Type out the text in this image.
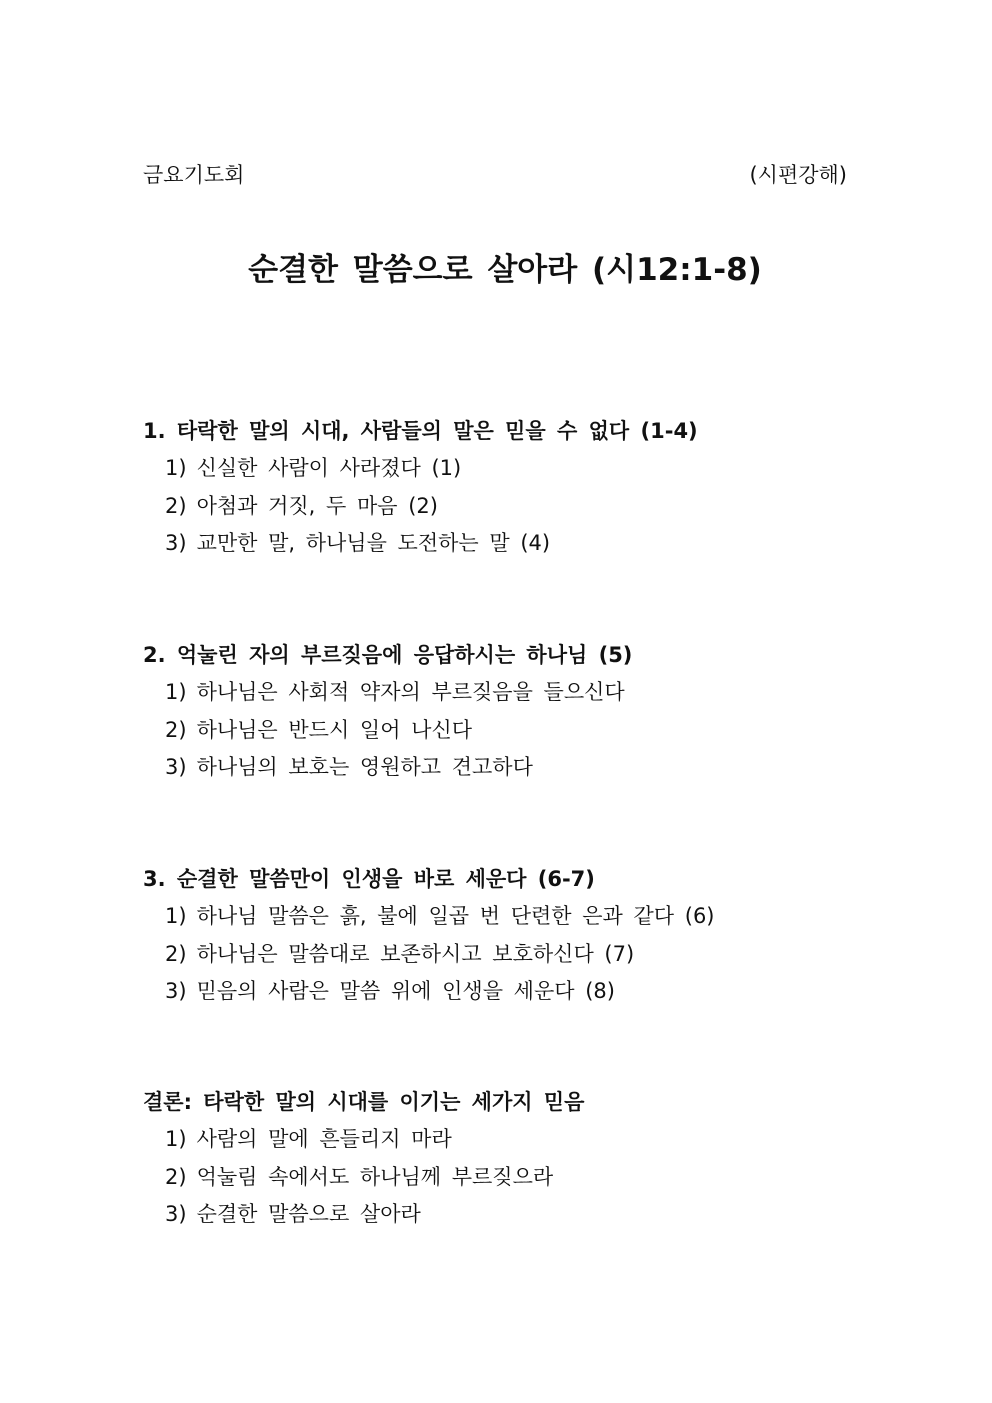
금요기도회	(시편강해)
순결한 말씀으로 살아라 (시12:1-8)
1. 타락한 말의 시대, 사람들의 말은 믿을 수 없다 (1-4)
1) 신실한 사람이 사라졌다 (1)
2) 아첨과 거짓, 두 마음 (2)
3) 교만한 말, 하나님을 도전하는 말 (4)
2. 억눌린 자의 부르짖음에 응답하시는 하나님 (5)
1) 하나님은 사회적 약자의 부르짖음을 들으신다
2) 하나님은 반드시 일어 나신다
3) 하나님의 보호는 영원하고 견고하다
3. 순결한 말씀만이 인생을 바로 세운다 (6-7)
1) 하나님 말씀은 흙, 불에 일곱 번 단련한 은과 같다 (6)
2) 하나님은 말씀대로 보존하시고 보호하신다 (7)
3) 믿음의 사람은 말씀 위에 인생을 세운다 (8)
결론: 타락한 말의 시대를 이기는 세가지 믿음
1) 사람의 말에 흔들리지 마라
2) 억눌림 속에서도 하나님께 부르짖으라
3) 순결한 말씀으로 살아라
